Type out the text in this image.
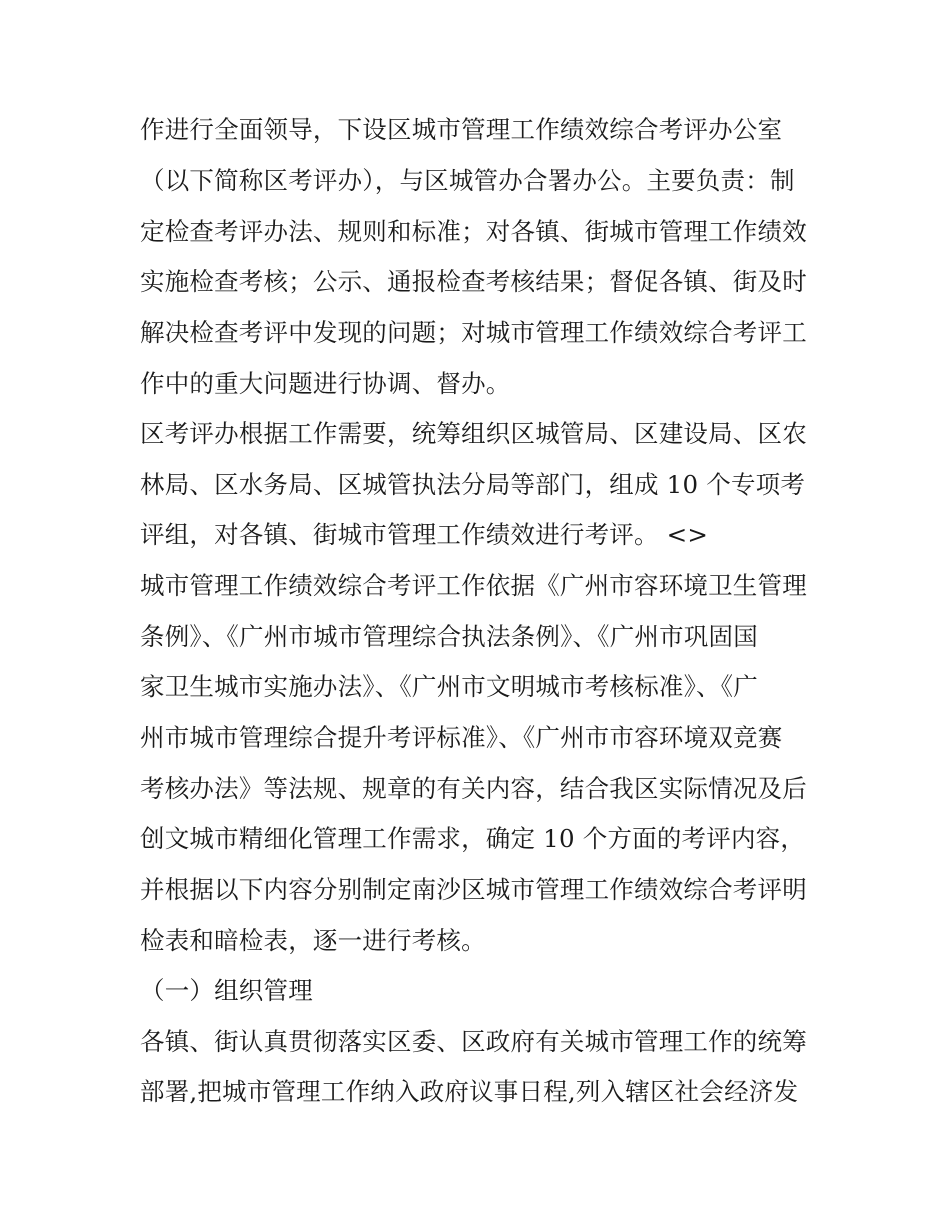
作进行全面领导，下设区城市管理工作绩效综合考评办公室
（以下简称区考评办），与区城管办合署办公。主要负责：制
定检查考评办法、规则和标准；对各镇、街城市管理工作绩效
实施检查考核；公示、通报检查考核结果；督促各镇、街及时
解决检查考评中发现的问题；对城市管理工作绩效综合考评工
作中的重大问题进行协调、督办。
区考评办根据工作需要，统筹组织区城管局、区建设局、区农
林局、区水务局、区城管执法分局等部门，组成 10 个专项考
评组，对各镇、街城市管理工作绩效进行考评。 <>
城市管理工作绩效综合考评工作依据《广州市容环境卫生管理
条例》、《广州市城市管理综合执法条例》、《广州市巩固国
家卫生城市实施办法》、《广州市文明城市考核标准》、《广
州市城市管理综合提升考评标准》、《广州市市容环境双竞赛
考核办法》等法规、规章的有关内容，结合我区实际情况及后
创文城市精细化管理工作需求，确定 10 个方面的考评内容，
并根据以下内容分别制定南沙区城市管理工作绩效综合考评明
检表和暗检表，逐一进行考核。
（一）组织管理
各镇、街认真贯彻落实区委、区政府有关城市管理工作的统筹
部署,把城市管理工作纳入政府议事日程,列入辖区社会经济发
